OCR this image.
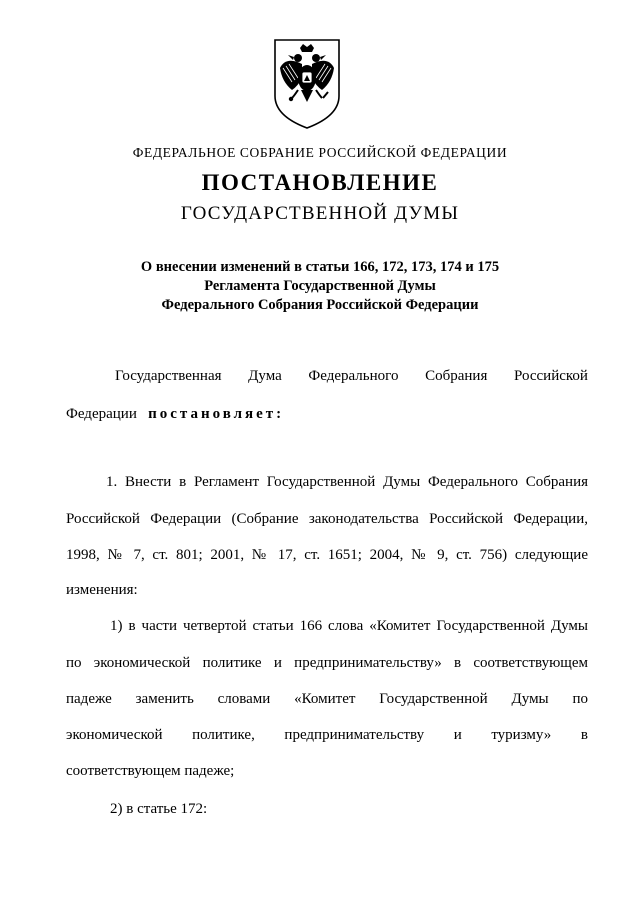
ФЕДЕРАЛЬНОЕ СОБРАНИЕ РОССИЙСКОЙ ФЕДЕРАЦИИ
ПОСТАНОВЛЕНИЕ
ГОСУДАРСТВЕННОЙ ДУМЫ
О внесении изменений в статьи 166, 172, 173, 174 и 175
Регламента Государственной Думы
Федерального Собрания Российской Федерации
Государственная Дума Федерального Собрания Российской
Федерации постановляет:
1. Внести в Регламент Государственной Думы Федерального Собрания
Российской Федерации (Собрание законодательства Российской Федерации,
1998, № 7, ст. 801; 2001, № 17, ст. 1651; 2004, № 9, ст. 756) следующие
изменения:
1) в части четвертой статьи 166 слова «Комитет Государственной Думы
по экономической политике и предпринимательству» в соответствующем
падеже заменить словами «Комитет Государственной Думы по
экономической политике, предпринимательству и туризму» в
соответствующем падеже;
2) в статье 172:
